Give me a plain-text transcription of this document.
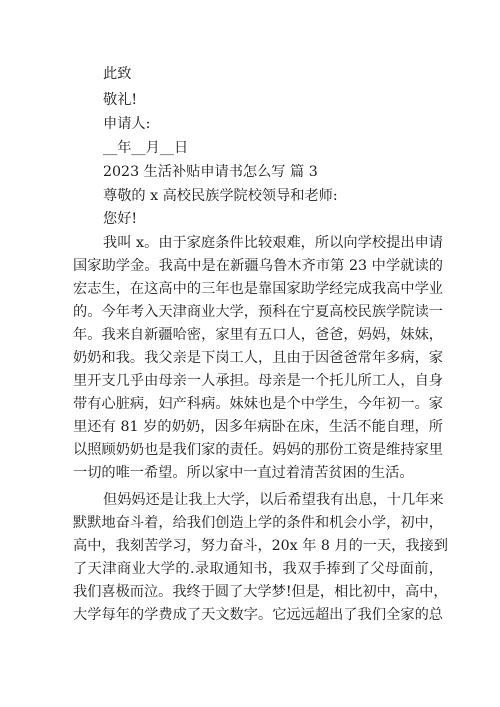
此致
敬礼!
申请人:
__年__月__日
2023 生活补贴申请书怎么写 篇 3
尊敬的 x 高校民族学院校领导和老师:
您好!
我叫 x。由于家庭条件比较艰难，所以向学校提出申请
国家助学金。我高中是在新疆乌鲁木齐市第 23 中学就读的
宏志生，在这高中的三年也是靠国家助学经完成我高中学业
的。今年考入天津商业大学，预科在宁夏高校民族学院读一
年。我来自新疆哈密，家里有五口人，爸爸，妈妈，妹妹，
奶奶和我。我父亲是下岗工人，且由于因爸爸常年多病，家
里开支几乎由母亲一人承担。母亲是一个托儿所工人，自身
带有心脏病，妇产科病。妹妹也是个中学生，今年初一。家
里还有 81 岁的奶奶，因多年病卧在床，生活不能自理，所
以照顾奶奶也是我们家的责任。妈妈的那份工资是维持家里
一切的唯一希望。所以家中一直过着清苦贫困的生活。
但妈妈还是让我上大学，以后希望我有出息，十几年来
默默地奋斗着，给我们创造上学的条件和机会小学，初中，
高中，我刻苦学习，努力奋斗，20x 年 8 月的一天，我接到
了天津商业大学的.录取通知书，我双手捧到了父母面前，
我们喜极而泣。我终于圆了大学梦!但是，相比初中，高中，
大学每年的学费成了天文数字。它远远超出了我们全家的总
